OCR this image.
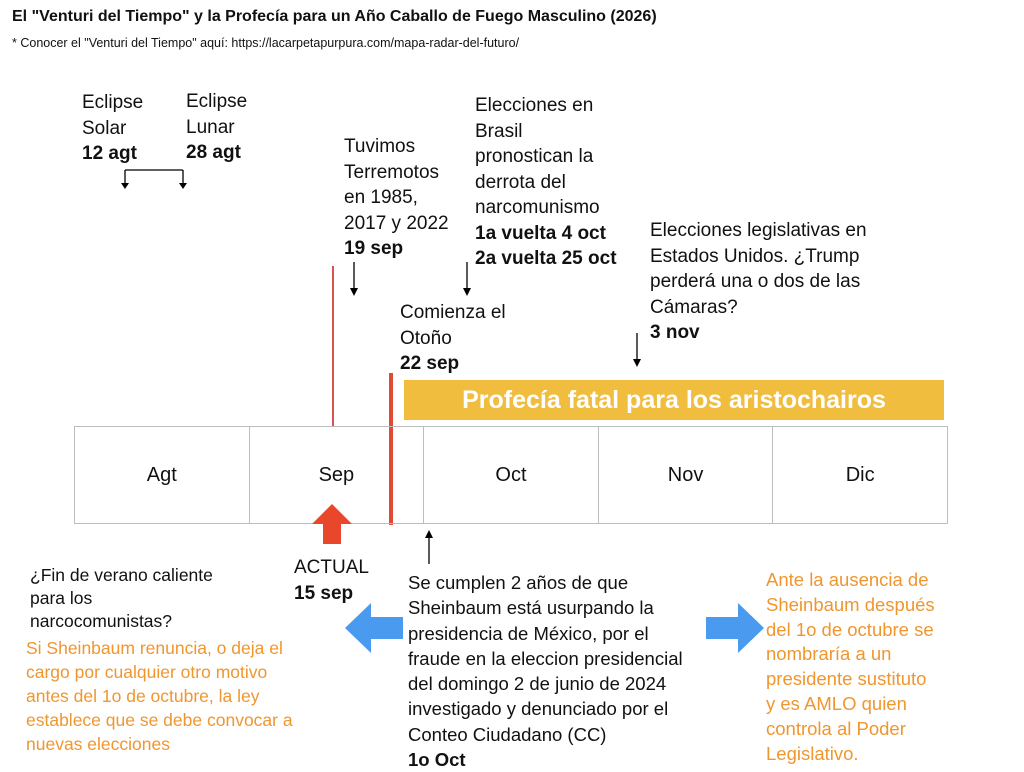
El "Venturi del Tiempo" y la Profecía para un Año Caballo de Fuego Masculino (2026)
* Conocer el "Venturi del Tiempo" aquí: https://lacarpetapurpura.com/mapa-radar-del-futuro/
Eclipse
Solar
12 agt
Eclipse
Lunar
28 agt	Tuvimos
Terremotos
en 1985,
2017 y 2022
19 sep
Elecciones en
Brasil
pronostican la
derrota del
narcomunismo
1a vuelta 4 oct
2a vuelta 25 oct
Comienza el
Otoño
22 sep
Elecciones legislativas en
Estados Unidos. ¿Trump
perderá una o dos de las
Cámaras?
3 nov
Profecía fatal para los aristochairos
Agt	Sep	Oct	Nov	Dic
ACTUAL
15 sep
¿Fin de verano caliente
para los
narcocomunistas?
Si Sheinbaum renuncia, o deja el
cargo por cualquier otro motivo
antes del 1o de octubre, la ley
establece que se debe convocar a
nuevas elecciones
Se cumplen 2 años de que
Sheinbaum está usurpando la
presidencia de México, por el
fraude en la eleccion presidencial
del domingo 2 de junio de 2024
investigado y denunciado por el
Conteo Ciudadano (CC)
1o Oct
Ante la ausencia de
Sheinbaum después
del 1o de octubre se
nombraría a un
presidente sustituto
y es AMLO quien
controla al Poder
Legislativo.
